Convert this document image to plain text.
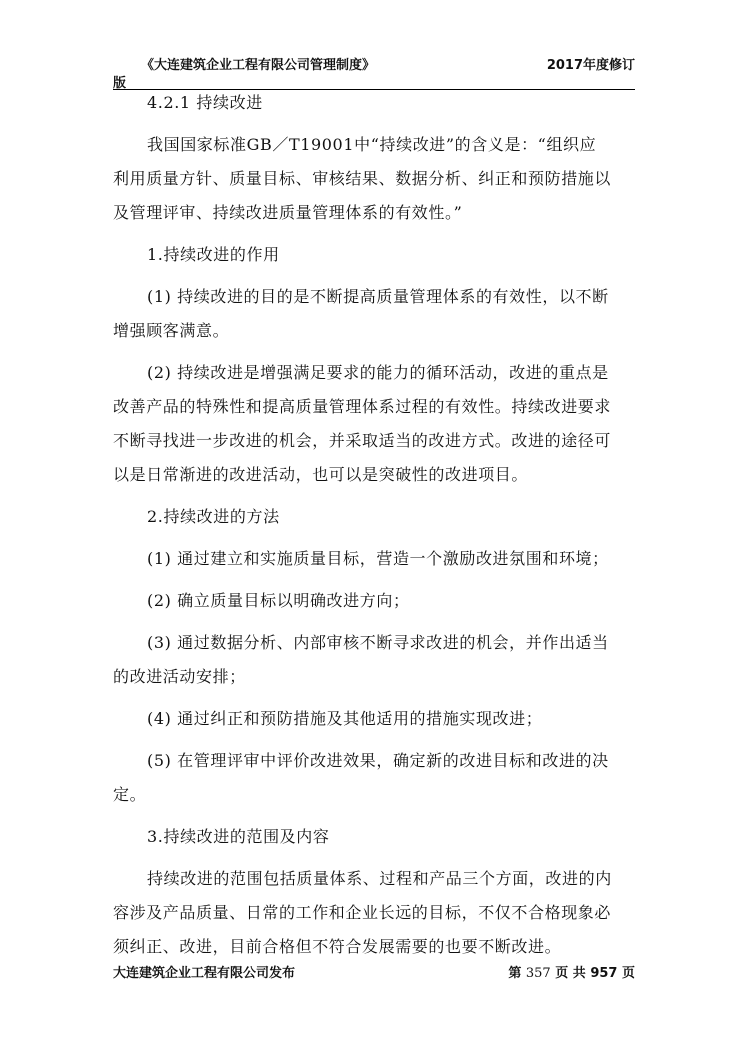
《大连建筑企业工程有限公司管理制度》	2017年度修订
版
4.2.1 持续改进
我国国家标准GB／T19001中“持续改进”的含义是：“组织应
利用质量方针、质量目标、审核结果、数据分析、纠正和预防措施以
及管理评审、持续改进质量管理体系的有效性。”
1.持续改进的作用
(1) 持续改进的目的是不断提高质量管理体系的有效性，以不断
增强顾客满意。
(2) 持续改进是增强满足要求的能力的循环活动，改进的重点是
改善产品的特殊性和提高质量管理体系过程的有效性。持续改进要求
不断寻找进一步改进的机会，并采取适当的改进方式。改进的途径可
以是日常渐进的改进活动，也可以是突破性的改进项目。
2.持续改进的方法
(1) 通过建立和实施质量目标，营造一个激励改进氛围和环境；
(2) 确立质量目标以明确改进方向；
(3) 通过数据分析、内部审核不断寻求改进的机会，并作出适当
的改进活动安排；
(4) 通过纠正和预防措施及其他适用的措施实现改进；
(5) 在管理评审中评价改进效果，确定新的改进目标和改进的决
定。
3.持续改进的范围及内容
持续改进的范围包括质量体系、过程和产品三个方面，改进的内
容涉及产品质量、日常的工作和企业长远的目标，不仅不合格现象必
须纠正、改进，目前合格但不符合发展需要的也要不断改进。
大连建筑企业工程有限公司发布	第 357 页 共 957 页
